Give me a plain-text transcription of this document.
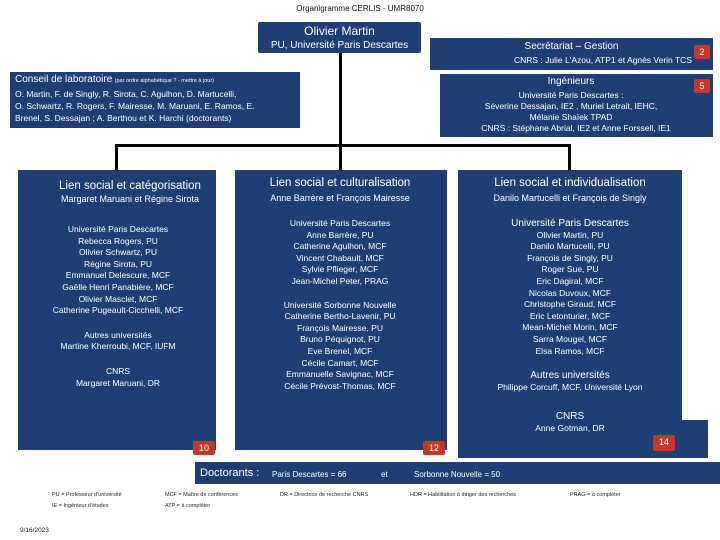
Organigramme CERLIS - UMR8070
Olivier Martin
PU, Université Paris Descartes	Secrétariat – Gestion
CNRS : Julie L'Azou, ATP1 et Agnès Verin TCS
2
Ingénieurs
Université Paris Descartes :
Séverine Dessajan, IE2 , Muriel Letrait, IEHC,
Mélanie Shaïek TPAD
CNRS : Stéphane Abrial, IE2 et Anne Forssell, IE1
5
Conseil de laboratoire (par ordre alphabétique ? - mettre à jour)
O. Martin, F. de Singly, R. Sirota, C. Agulhon, D. Martucelli,
O. Schwartz, R. Rogers, F. Mairesse, M. Maruani, E. Ramos, E.
Brenel, S. Dessajan ; A. Berthou et K. Harchi (doctorants)
Lien social et catégorisation
Margaret Maruani et Régine Sirota
Université Paris Descartes
Rebecca Rogers, PU
Olivier Schwartz, PU
Régine Sirota, PU
Emmanuel Delescure, MCF
Gaëlle Henri Panabière, MCF
Olivier Masclet, MCF
Catherine Pugeault-Cicchelli, MCF
Autres universités
Martine Kherroubi, MCF, IUFM
CNRS
Margaret Maruani, DR
Lien social et culturalisation
Anne Barrère et François Mairesse
Université Paris Descartes
Anne Barrère, PU
Catherine Agulhon, MCF
Vincent Chabault, MCF
Sylvie Pflieger, MCF
Jean-Michel Peter, PRAG
Université Sorbonne Nouvelle
Catherine Bertho-Lavenir, PU
François Mairesse, PU
Bruno Péquignot, PU
Eve Brenel, MCF
Cécile Camart, MCF
Emmanuelle Savignac, MCF
Cécile Prévost-Thomas, MCF
Lien social et individualisation
Danilo Martucelli et François de Singly
Université Paris Descartes
Olivier Martin, PU
Danilo Martucelli, PU
François de Singly, PU
Roger Sue, PU
Eric Dagiral, MCF
Nicolas Duvoux, MCF
Christophe Giraud, MCF
Eric Letonturier, MCF
Mean-Michel Morin, MCF
Sarra Mougel, MCF
Elsa Ramos, MCF
Autres universités
Philippe Corcuff, MCF, Université Lyon
CNRS
Anne Gotman, DR
10	12
14
Doctorants : Paris Descartes = 66	et	Sorbonne Nouvelle = 50
PU = Professeur d'université
IE = Ingénieur d'études
MCF = Maître de conférences
ATP = à compléter
DR = Directrice de recherche CNRS	HDR = Habilitation à diriger des recherches	PRAG = à compléter
9/16/2023
